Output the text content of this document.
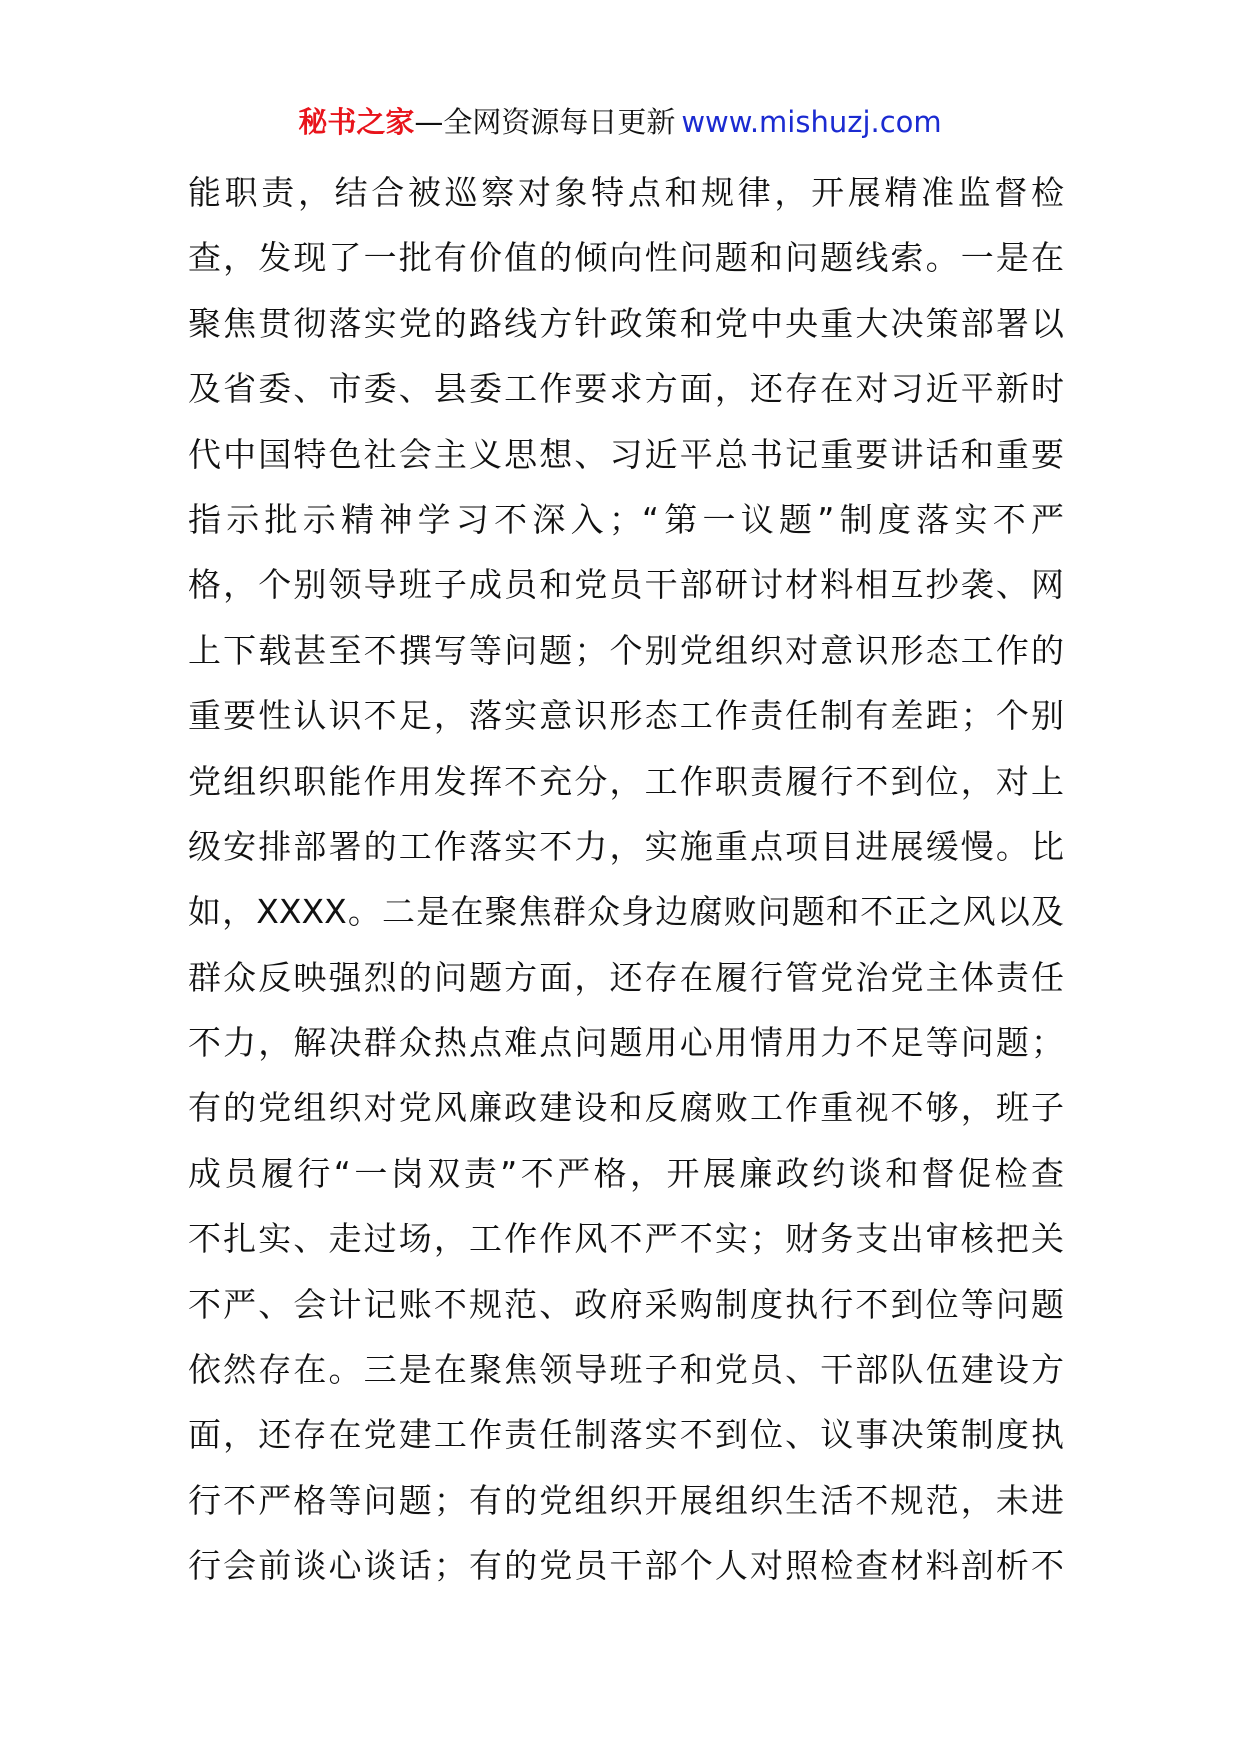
秘书之家—全网资源每日更新 www.mishuzj.com
能职责，结合被巡察对象特点和规律，开展精准监督检
查，发现了一批有价值的倾向性问题和问题线索。一是在
聚焦贯彻落实党的路线方针政策和党中央重大决策部署以
及省委、市委、县委工作要求方面，还存在对习近平新时
代中国特色社会主义思想、习近平总书记重要讲话和重要
指示批示精神学习不深入；“第一议题”制度落实不严
格，个别领导班子成员和党员干部研讨材料相互抄袭、网
上下载甚至不撰写等问题；个别党组织对意识形态工作的
重要性认识不足，落实意识形态工作责任制有差距；个别
党组织职能作用发挥不充分，工作职责履行不到位，对上
级安排部署的工作落实不力，实施重点项目进展缓慢。比
如，XXXX。二是在聚焦群众身边腐败问题和不正之风以及
群众反映强烈的问题方面，还存在履行管党治党主体责任
不力，解决群众热点难点问题用心用情用力不足等问题；
有的党组织对党风廉政建设和反腐败工作重视不够，班子
成员履行“一岗双责”不严格，开展廉政约谈和督促检查
不扎实、走过场，工作作风不严不实；财务支出审核把关
不严、会计记账不规范、政府采购制度执行不到位等问题
依然存在。三是在聚焦领导班子和党员、干部队伍建设方
面，还存在党建工作责任制落实不到位、议事决策制度执
行不严格等问题；有的党组织开展组织生活不规范，未进
行会前谈心谈话；有的党员干部个人对照检查材料剖析不
